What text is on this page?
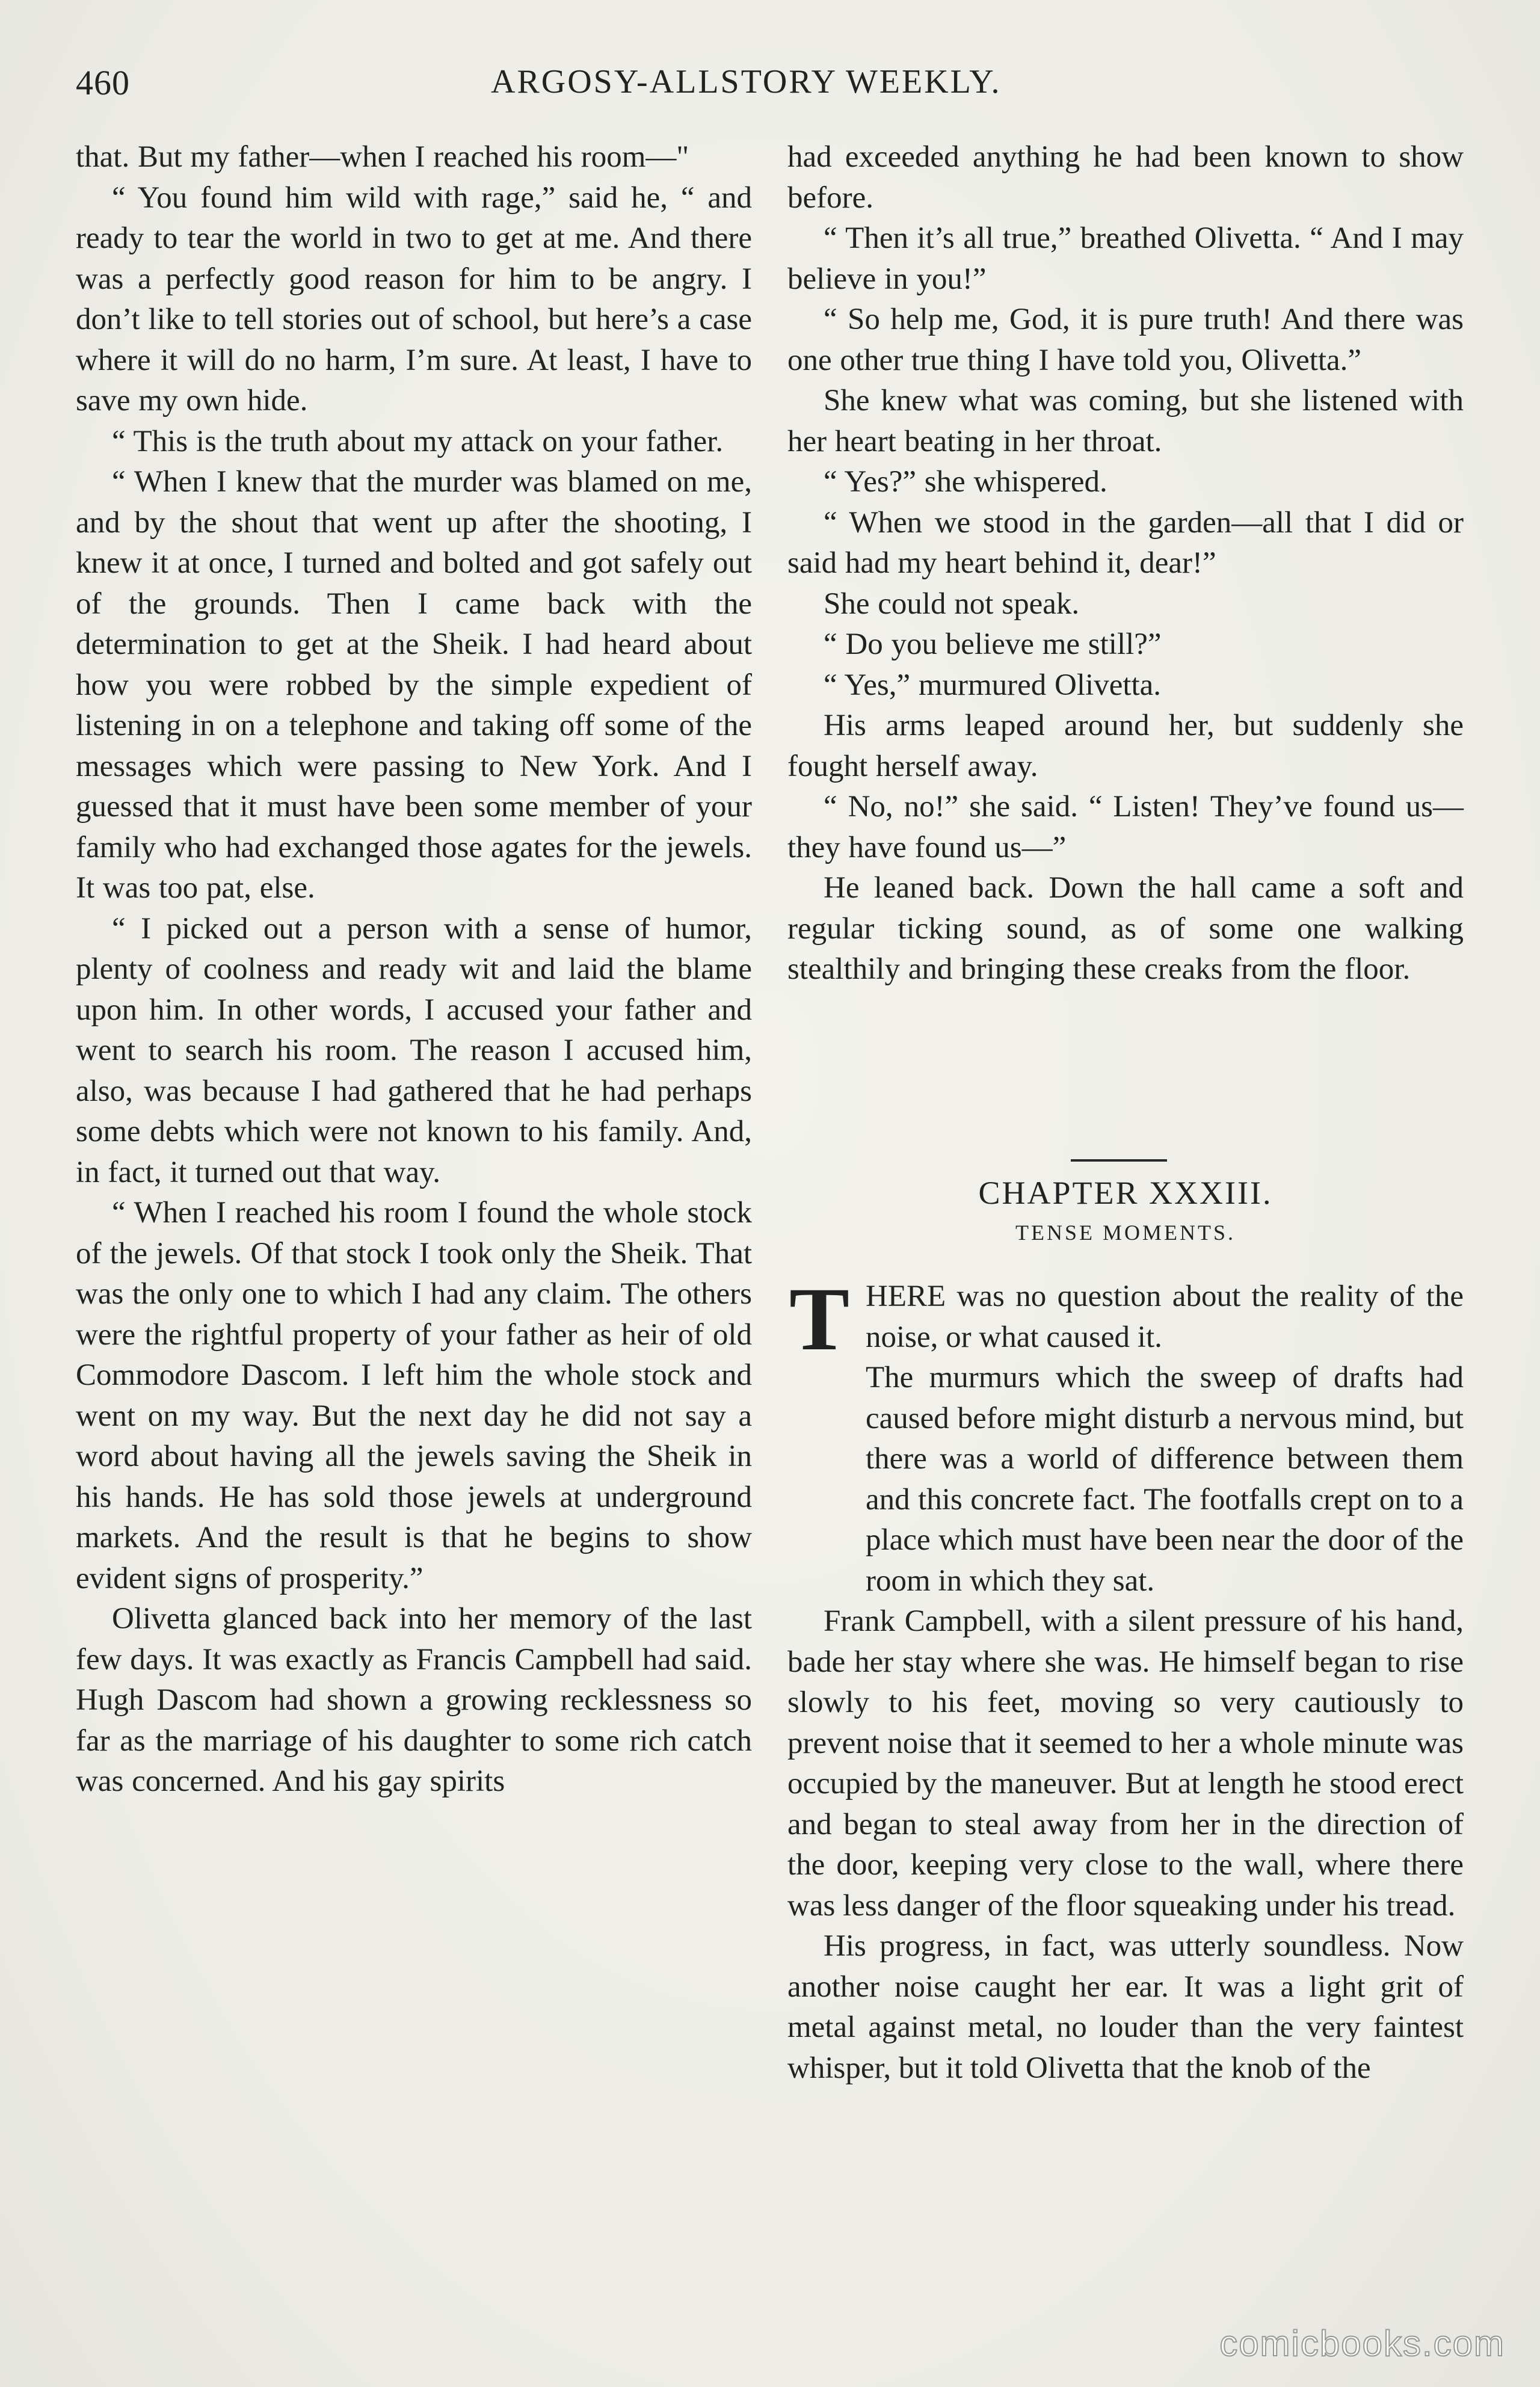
460	ARGOSY-ALLSTORY WEEKLY.

that. But my father—when I reached his room—"

“ You found him wild with rage,” said he, “ and ready to tear the world in two to get at me. And there was a perfectly good reason for him to be angry. I don’t like to tell stories out of school, but here’s a case where it will do no harm, I’m sure. At least, I have to save my own hide.

“ This is the truth about my attack on your father.

“ When I knew that the murder was blamed on me, and by the shout that went up after the shooting, I knew it at once, I turned and bolted and got safely out of the grounds. Then I came back with the determination to get at the Sheik. I had heard about how you were robbed by the simple expedient of listening in on a telephone and taking off some of the messages which were passing to New York. And I guessed that it must have been some member of your family who had exchanged those agates for the jewels. It was too pat, else.

“ I picked out a person with a sense of humor, plenty of coolness and ready wit and laid the blame upon him. In other words, I accused your father and went to search his room. The reason I accused him, also, was because I had gathered that he had perhaps some debts which were not known to his family. And, in fact, it turned out that way.

“ When I reached his room I found the whole stock of the jewels. Of that stock I took only the Sheik. That was the only one to which I had any claim. The others were the rightful property of your father as heir of old Commodore Dascom. I left him the whole stock and went on my way. But the next day he did not say a word about having all the jewels saving the Sheik in his hands. He has sold those jewels at underground markets. And the result is that he begins to show evident signs of prosperity.”

Olivetta glanced back into her memory of the last few days. It was exactly as Francis Campbell had said. Hugh Dascom had shown a growing recklessness so far as the marriage of his daughter to some rich catch was concerned. And his gay spirits

had exceeded anything he had been known to show before.

“ Then it’s all true,” breathed Olivetta. “ And I may believe in you!”

“ So help me, God, it is pure truth! And there was one other true thing I have told you, Olivetta.”

She knew what was coming, but she listened with her heart beating in her throat.

“ Yes?” she whispered.

“ When we stood in the garden—all that I did or said had my heart behind it, dear!”

She could not speak.

“ Do you believe me still?”

“ Yes,” murmured Olivetta.

His arms leaped around her, but suddenly she fought herself away.

“ No, no!” she said. “ Listen! They’ve found us—they have found us—”

He leaned back. Down the hall came a soft and regular ticking sound, as of some one walking stealthily and bringing these creaks from the floor.

CHAPTER XXXIII.
TENSE MOMENTS.
T HERE was no question about the reality of the noise, or what caused it.

The murmurs which the sweep of drafts had caused before might disturb a nervous mind, but there was a world of difference between them and this concrete fact. The footfalls crept on to a place which must have been near the door of the room in which they sat.

Frank Campbell, with a silent pressure of his hand, bade her stay where she was. He himself began to rise slowly to his feet, moving so very cautiously to prevent noise that it seemed to her a whole minute was occupied by the maneuver. But at length he stood erect and began to steal away from her in the direction of the door, keeping very close to the wall, where there was less danger of the floor squeaking under his tread.

His progress, in fact, was utterly soundless. Now another noise caught her ear. It was a light grit of metal against metal, no louder than the very faintest whisper, but it told Olivetta that the knob of the

comicbooks.com
